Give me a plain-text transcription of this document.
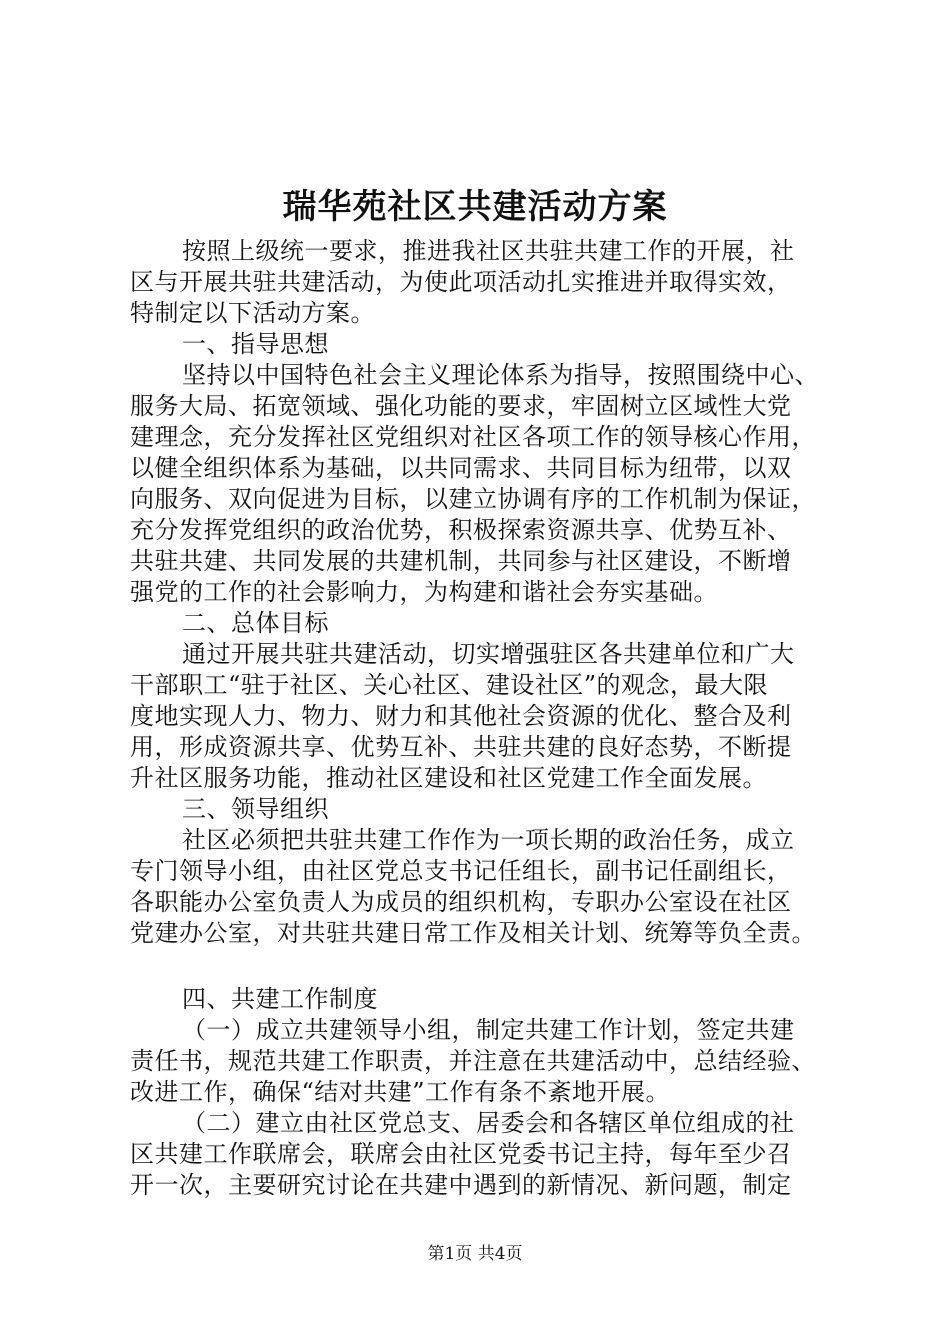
瑞华苑社区共建活动方案
按照上级统一要求，推进我社区共驻共建工作的开展，社
区与开展共驻共建活动，为使此项活动扎实推进并取得实效，
特制定以下活动方案。
一、指导思想
坚持以中国特色社会主义理论体系为指导，按照围绕中心、
服务大局、拓宽领域、强化功能的要求，牢固树立区域性大党
建理念，充分发挥社区党组织对社区各项工作的领导核心作用，
以健全组织体系为基础，以共同需求、共同目标为纽带，以双
向服务、双向促进为目标，以建立协调有序的工作机制为保证，
充分发挥党组织的政治优势，积极探索资源共享、优势互补、
共驻共建、共同发展的共建机制，共同参与社区建设，不断增
强党的工作的社会影响力，为构建和谐社会夯实基础。
二、总体目标
通过开展共驻共建活动，切实增强驻区各共建单位和广大
干部职工“驻于社区、关心社区、建设社区”的观念，最大限
度地实现人力、物力、财力和其他社会资源的优化、整合及利
用，形成资源共享、优势互补、共驻共建的良好态势，不断提
升社区服务功能，推动社区建设和社区党建工作全面发展。
三、领导组织
社区必须把共驻共建工作作为一项长期的政治任务，成立
专门领导小组，由社区党总支书记任组长，副书记任副组长，
各职能办公室负责人为成员的组织机构，专职办公室设在社区
党建办公室，对共驻共建日常工作及相关计划、统筹等负全责。
四、共建工作制度
（一）成立共建领导小组，制定共建工作计划，签定共建
责任书，规范共建工作职责，并注意在共建活动中，总结经验、
改进工作，确保“结对共建”工作有条不紊地开展。
（二）建立由社区党总支、居委会和各辖区单位组成的社
区共建工作联席会，联席会由社区党委书记主持，每年至少召
开一次，主要研究讨论在共建中遇到的新情况、新问题，制定
第1页 共4页
